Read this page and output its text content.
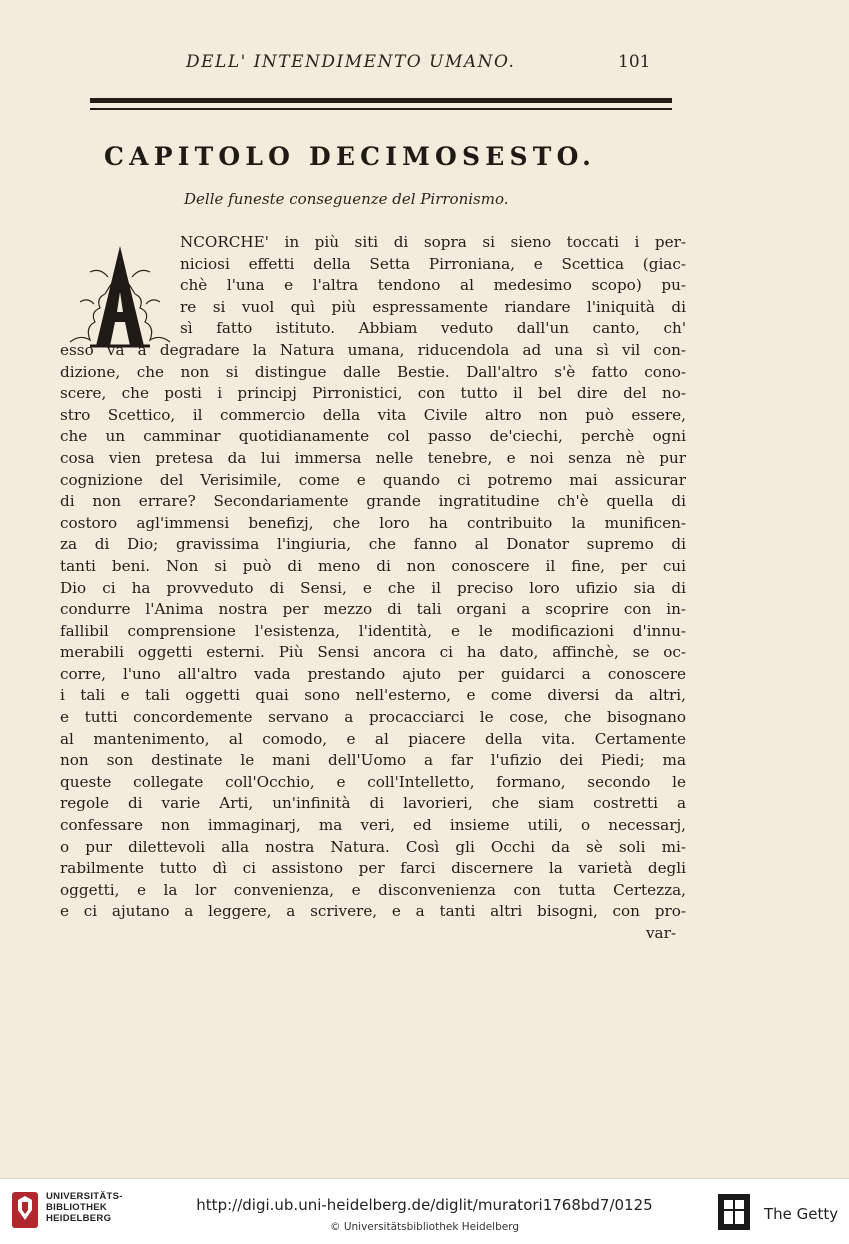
DELL' INTENDIMENTO UMANO.	101
CAPITOLO DECIMOSESTO.
Delle funeste conseguenze del Pirronismo.
NCORCHE' in più siti di sopra si sieno toccati i per-
niciosi effetti della Setta Pirroniana, e Scettica (giac-
chè l'una e l'altra tendono al medesimo scopo) pu-
re si vuol quì più espressamente riandare l'iniquità di
sì fatto istituto. Abbiam veduto dall'un canto, ch'
esso va a degradare la Natura umana, riducendola ad una sì vil con-
dizione, che non si distingue dalle Bestie. Dall'altro s'è fatto cono-
scere, che posti i principj Pirronistici, con tutto il bel dire del no-
stro Scettico, il commercio della vita Civile altro non può essere,
che un camminar quotidianamente col passo de'ciechi, perchè ogni
cosa vien pretesa da lui immersa nelle tenebre, e noi senza nè pur
cognizione del Verisimile, come e quando ci potremo mai assicurar
di non errare? Secondariamente grande ingratitudine ch'è quella di
costoro agl'immensi benefizj, che loro ha contribuito la munificen-
za di Dio; gravissima l'ingiuria, che fanno al Donator supremo di
tanti beni. Non si può di meno di non conoscere il fine, per cui
Dio ci ha provveduto di Sensi, e che il preciso loro ufizio sia di
condurre l'Anima nostra per mezzo di tali organi a scoprire con in-
fallibil comprensione l'esistenza, l'identità, e le modificazioni d'innu-
merabili oggetti esterni. Più Sensi ancora ci ha dato, affinchè, se oc-
corre, l'uno all'altro vada prestando ajuto per guidarci a conoscere
i tali e tali oggetti quai sono nell'esterno, e come diversi da altri,
e tutti concordemente servano a procacciarci le cose, che bisognano
al mantenimento, al comodo, e al piacere della vita. Certamente
non son destinate le mani dell'Uomo a far l'ufizio dei Piedi; ma
queste collegate coll'Occhio, e coll'Intelletto, formano, secondo le
regole di varie Arti, un'infinità di lavorieri, che siam costretti a
confessare non immaginarj, ma veri, ed insieme utili, o necessarj,
o pur dilettevoli alla nostra Natura. Così gli Occhi da sè soli mi-
rabilmente tutto dì ci assistono per farci discernere la varietà degli
oggetti, e la lor convenienza, e disconvenienza con tutta Certezza,
e ci ajutano a leggere, a scrivere, e a tanti altri bisogni, con pro-
var-
UNIVERSITÄTS-
BIBLIOTHEK
HEIDELBERG
http://digi.ub.uni-heidelberg.de/diglit/muratori1768bd7/0125
© Universitätsbibliothek Heidelberg
The Getty
